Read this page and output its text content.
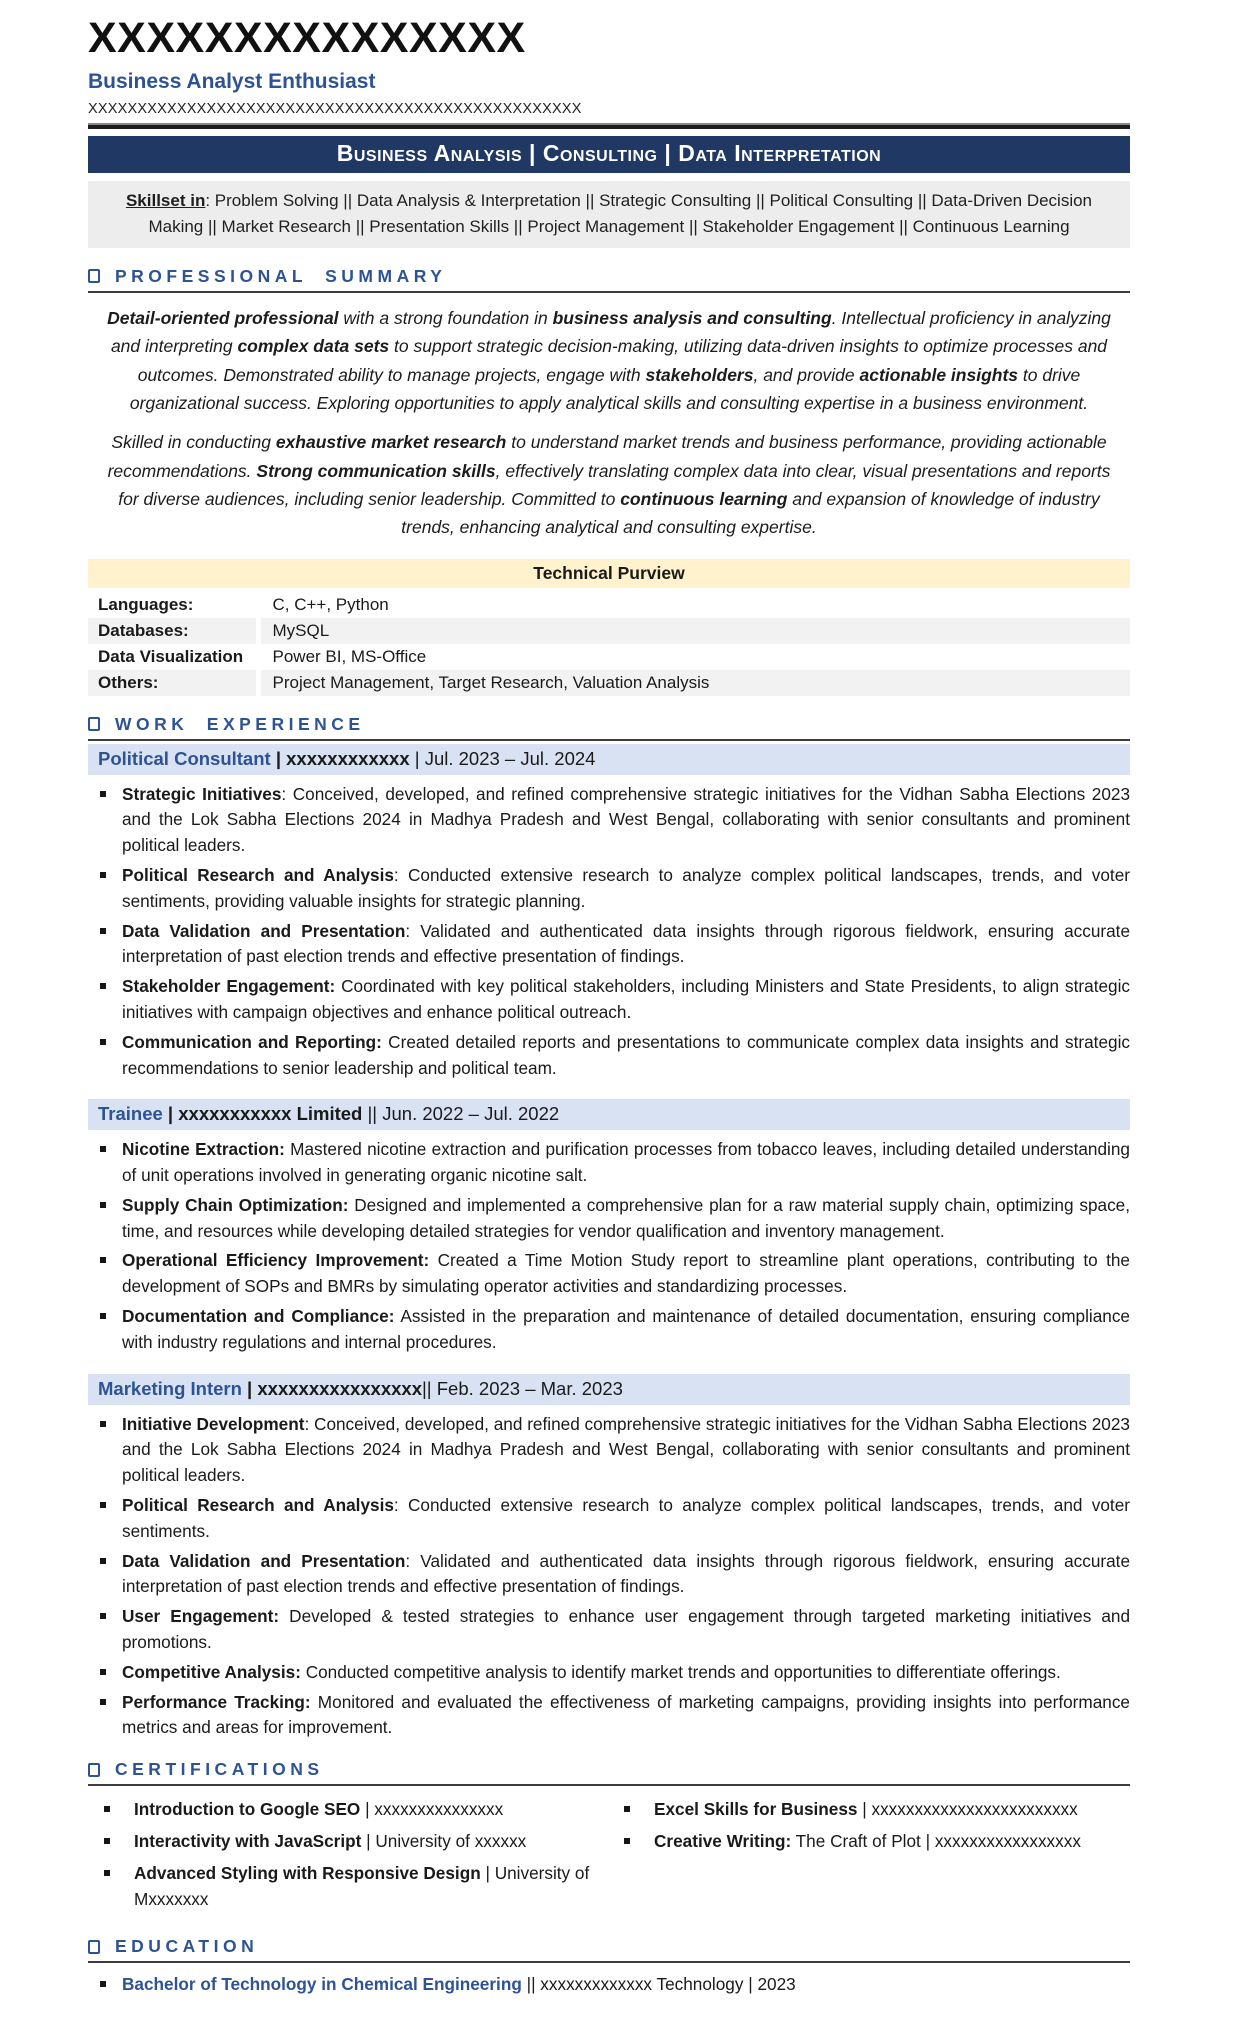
XXXXXXXXXXXXXXX
Business Analyst Enthusiast
XXXXXXXXXXXXXXXXXXXXXXXXXXXXXXXXXXXXXXXXXXXXXXXXXX
Business Analysis | Consulting | Data Interpretation
Skillset in: Problem Solving || Data Analysis & Interpretation || Strategic Consulting || Political Consulting || Data-Driven Decision Making || Market Research || Presentation Skills || Project Management || Stakeholder Engagement || Continuous Learning
PROFESSIONAL SUMMARY

Detail-oriented professional with a strong foundation in business analysis and consulting. Intellectual proficiency in analyzing and interpreting complex data sets to support strategic decision-making, utilizing data-driven insights to optimize processes and outcomes. Demonstrated ability to manage projects, engage with stakeholders, and provide actionable insights to drive organizational success. Exploring opportunities to apply analytical skills and consulting expertise in a business environment.

Skilled in conducting exhaustive market research to understand market trends and business performance, providing actionable recommendations. Strong communication skills, effectively translating complex data into clear, visual presentations and reports for diverse audiences, including senior leadership. Committed to continuous learning and expansion of knowledge of industry trends, enhancing analytical and consulting expertise.

Technical Purview
Languages:	C, C++, Python
Databases:	MySQL
Data Visualization	Power BI, MS-Office
Others:	Project Management, Target Research, Valuation Analysis
WORK EXPERIENCE
Political Consultant | xxxxxxxxxxxx | Jul. 2023 – Jul. 2024
Strategic Initiatives: Conceived, developed, and refined comprehensive strategic initiatives for the Vidhan Sabha Elections 2023 and the Lok Sabha Elections 2024 in Madhya Pradesh and West Bengal, collaborating with senior consultants and prominent political leaders.
Political Research and Analysis: Conducted extensive research to analyze complex political landscapes, trends, and voter sentiments, providing valuable insights for strategic planning.
Data Validation and Presentation: Validated and authenticated data insights through rigorous fieldwork, ensuring accurate interpretation of past election trends and effective presentation of findings.
Stakeholder Engagement: Coordinated with key political stakeholders, including Ministers and State Presidents, to align strategic initiatives with campaign objectives and enhance political outreach.
Communication and Reporting: Created detailed reports and presentations to communicate complex data insights and strategic recommendations to senior leadership and political team.
Trainee | xxxxxxxxxxx Limited || Jun. 2022 – Jul. 2022
Nicotine Extraction: Mastered nicotine extraction and purification processes from tobacco leaves, including detailed understanding of unit operations involved in generating organic nicotine salt.
Supply Chain Optimization: Designed and implemented a comprehensive plan for a raw material supply chain, optimizing space, time, and resources while developing detailed strategies for vendor qualification and inventory management.
Operational Efficiency Improvement: Created a Time Motion Study report to streamline plant operations, contributing to the development of SOPs and BMRs by simulating operator activities and standardizing processes.
Documentation and Compliance: Assisted in the preparation and maintenance of detailed documentation, ensuring compliance with industry regulations and internal procedures.
Marketing Intern | xxxxxxxxxxxxxxxx|| Feb. 2023 – Mar. 2023
Initiative Development: Conceived, developed, and refined comprehensive strategic initiatives for the Vidhan Sabha Elections 2023 and the Lok Sabha Elections 2024 in Madhya Pradesh and West Bengal, collaborating with senior consultants and prominent political leaders.
Political Research and Analysis: Conducted extensive research to analyze complex political landscapes, trends, and voter sentiments.
Data Validation and Presentation: Validated and authenticated data insights through rigorous fieldwork, ensuring accurate interpretation of past election trends and effective presentation of findings.
User Engagement: Developed & tested strategies to enhance user engagement through targeted marketing initiatives and promotions.
Competitive Analysis: Conducted competitive analysis to identify market trends and opportunities to differentiate offerings.
Performance Tracking: Monitored and evaluated the effectiveness of marketing campaigns, providing insights into performance metrics and areas for improvement.
CERTIFICATIONS
Introduction to Google SEO | xxxxxxxxxxxxxxx
Interactivity with JavaScript | University of xxxxxx
Advanced Styling with Responsive Design | University of Mxxxxxxx
Excel Skills for Business | xxxxxxxxxxxxxxxxxxxxxxxx
Creative Writing: The Craft of Plot | xxxxxxxxxxxxxxxxx
EDUCATION
Bachelor of Technology in Chemical Engineering || xxxxxxxxxxxxx Technology | 2023
